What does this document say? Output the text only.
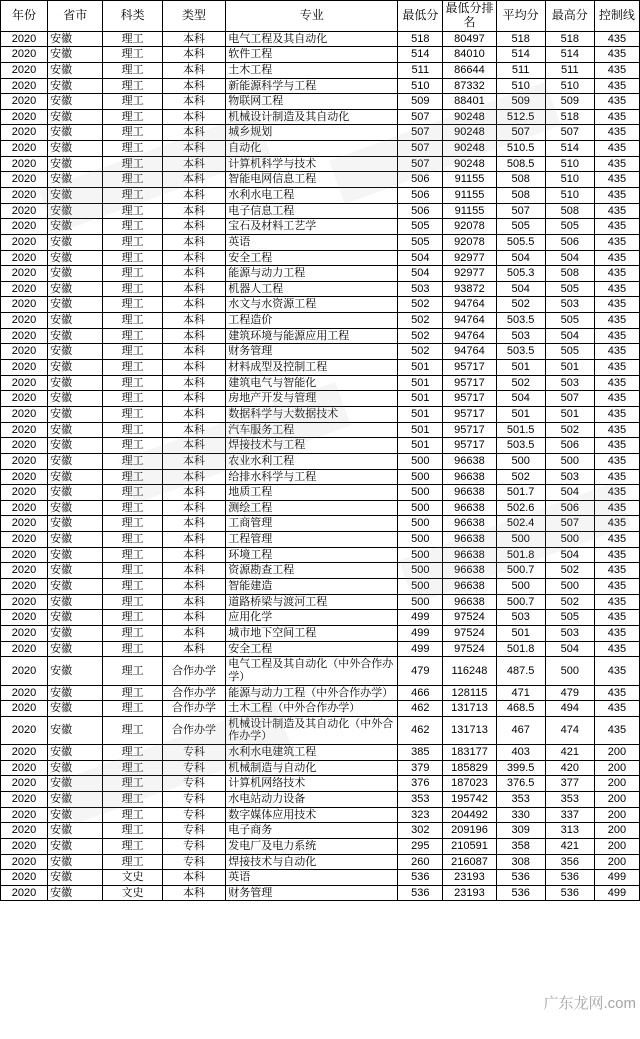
年份	省市	科类	类型	专业	最低分	最低分排名	平均分	最高分	控制线
2020	安徽	理工	本科	电气工程及其自动化	518	80497	518	518	435
2020	安徽	理工	本科	软件工程	514	84010	514	514	435
2020	安徽	理工	本科	土木工程	511	86644	511	511	435
2020	安徽	理工	本科	新能源科学与工程	510	87332	510	510	435
2020	安徽	理工	本科	物联网工程	509	88401	509	509	435
2020	安徽	理工	本科	机械设计制造及其自动化	507	90248	512.5	518	435
2020	安徽	理工	本科	城乡规划	507	90248	507	507	435
2020	安徽	理工	本科	自动化	507	90248	510.5	514	435
2020	安徽	理工	本科	计算机科学与技术	507	90248	508.5	510	435
2020	安徽	理工	本科	智能电网信息工程	506	91155	508	510	435
2020	安徽	理工	本科	水利水电工程	506	91155	508	510	435
2020	安徽	理工	本科	电子信息工程	506	91155	507	508	435
2020	安徽	理工	本科	宝石及材料工艺学	505	92078	505	505	435
2020	安徽	理工	本科	英语	505	92078	505.5	506	435
2020	安徽	理工	本科	安全工程	504	92977	504	504	435
2020	安徽	理工	本科	能源与动力工程	504	92977	505.3	508	435
2020	安徽	理工	本科	机器人工程	503	93872	504	505	435
2020	安徽	理工	本科	水文与水资源工程	502	94764	502	503	435
2020	安徽	理工	本科	工程造价	502	94764	503.5	505	435
2020	安徽	理工	本科	建筑环境与能源应用工程	502	94764	503	504	435
2020	安徽	理工	本科	财务管理	502	94764	503.5	505	435
2020	安徽	理工	本科	材料成型及控制工程	501	95717	501	501	435
2020	安徽	理工	本科	建筑电气与智能化	501	95717	502	503	435
2020	安徽	理工	本科	房地产开发与管理	501	95717	504	507	435
2020	安徽	理工	本科	数据科学与大数据技术	501	95717	501	501	435
2020	安徽	理工	本科	汽车服务工程	501	95717	501.5	502	435
2020	安徽	理工	本科	焊接技术与工程	501	95717	503.5	506	435
2020	安徽	理工	本科	农业水利工程	500	96638	500	500	435
2020	安徽	理工	本科	给排水科学与工程	500	96638	502	503	435
2020	安徽	理工	本科	地质工程	500	96638	501.7	504	435
2020	安徽	理工	本科	测绘工程	500	96638	502.6	506	435
2020	安徽	理工	本科	工商管理	500	96638	502.4	507	435
2020	安徽	理工	本科	工程管理	500	96638	500	500	435
2020	安徽	理工	本科	环境工程	500	96638	501.8	504	435
2020	安徽	理工	本科	资源勘查工程	500	96638	500.7	502	435
2020	安徽	理工	本科	智能建造	500	96638	500	500	435
2020	安徽	理工	本科	道路桥梁与渡河工程	500	96638	500.7	502	435
2020	安徽	理工	本科	应用化学	499	97524	503	505	435
2020	安徽	理工	本科	城市地下空间工程	499	97524	501	503	435
2020	安徽	理工	本科	安全工程	499	97524	501.8	504	435
2020	安徽	理工	合作办学	电气工程及其自动化（中外合作办学）	479	116248	487.5	500	435
2020	安徽	理工	合作办学	能源与动力工程（中外合作办学）	466	128115	471	479	435
2020	安徽	理工	合作办学	土木工程（中外合作办学）	462	131713	468.5	494	435
2020	安徽	理工	合作办学	机械设计制造及其自动化（中外合作办学）	462	131713	467	474	435
2020	安徽	理工	专科	水利水电建筑工程	385	183177	403	421	200
2020	安徽	理工	专科	机械制造与自动化	379	185829	399.5	420	200
2020	安徽	理工	专科	计算机网络技术	376	187023	376.5	377	200
2020	安徽	理工	专科	水电站动力设备	353	195742	353	353	200
2020	安徽	理工	专科	数字媒体应用技术	323	204492	330	337	200
2020	安徽	理工	专科	电子商务	302	209196	309	313	200
2020	安徽	理工	专科	发电厂及电力系统	295	210591	358	421	200
2020	安徽	理工	专科	焊接技术与自动化	260	216087	308	356	200
2020	安徽	文史	本科	英语	536	23193	536	536	499
2020	安徽	文史	本科	财务管理	536	23193	536	536	499
广东龙网.com
